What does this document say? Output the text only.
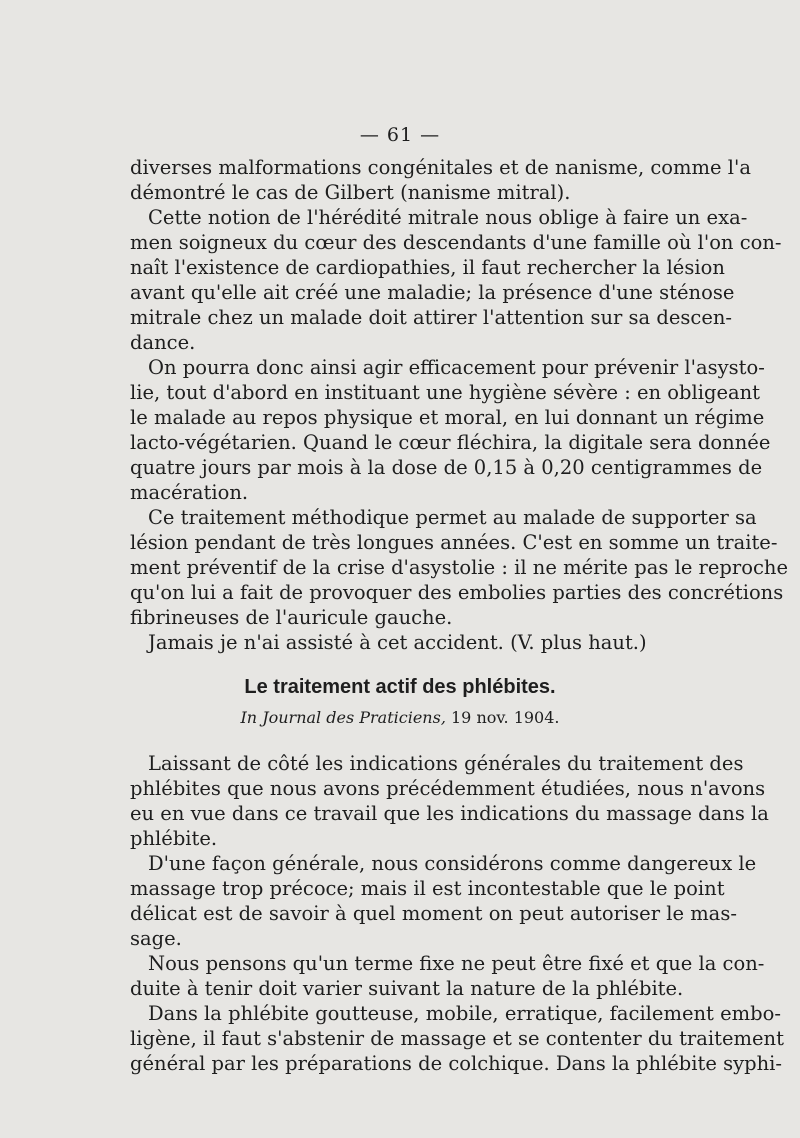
— 61 —
diverses malformations congénitales et de nanisme, comme l'a
démontré le cas de Gilbert (nanisme mitral).
Cette notion de l'hérédité mitrale nous oblige à faire un exa-
men soigneux du cœur des descendants d'une famille où l'on con-
naît l'existence de cardiopathies, il faut rechercher la lésion
avant qu'elle ait créé une maladie; la présence d'une sténose
mitrale chez un malade doit attirer l'attention sur sa descen-
dance.
On pourra donc ainsi agir efficacement pour prévenir l'asysto-
lie, tout d'abord en instituant une hygiène sévère : en obligeant
le malade au repos physique et moral, en lui donnant un régime
lacto-végétarien. Quand le cœur fléchira, la digitale sera donnée
quatre jours par mois à la dose de 0,15 à 0,20 centigrammes de
macération.
Ce traitement méthodique permet au malade de supporter sa
lésion pendant de très longues années. C'est en somme un traite-
ment préventif de la crise d'asystolie : il ne mérite pas le reproche
qu'on lui a fait de provoquer des embolies parties des concrétions
fibrineuses de l'auricule gauche.
Jamais je n'ai assisté à cet accident. (V. plus haut.)
Le traitement actif des phlébites.
In Journal des Praticiens, 19 nov. 1904.
Laissant de côté les indications générales du traitement des
phlébites que nous avons précédemment étudiées, nous n'avons
eu en vue dans ce travail que les indications du massage dans la
phlébite.
D'une façon générale, nous considérons comme dangereux le
massage trop précoce; mais il est incontestable que le point
délicat est de savoir à quel moment on peut autoriser le mas-
sage.
Nous pensons qu'un terme fixe ne peut être fixé et que la con-
duite à tenir doit varier suivant la nature de la phlébite.
Dans la phlébite goutteuse, mobile, erratique, facilement embo-
ligène, il faut s'abstenir de massage et se contenter du traitement
général par les préparations de colchique. Dans la phlébite syphi-
